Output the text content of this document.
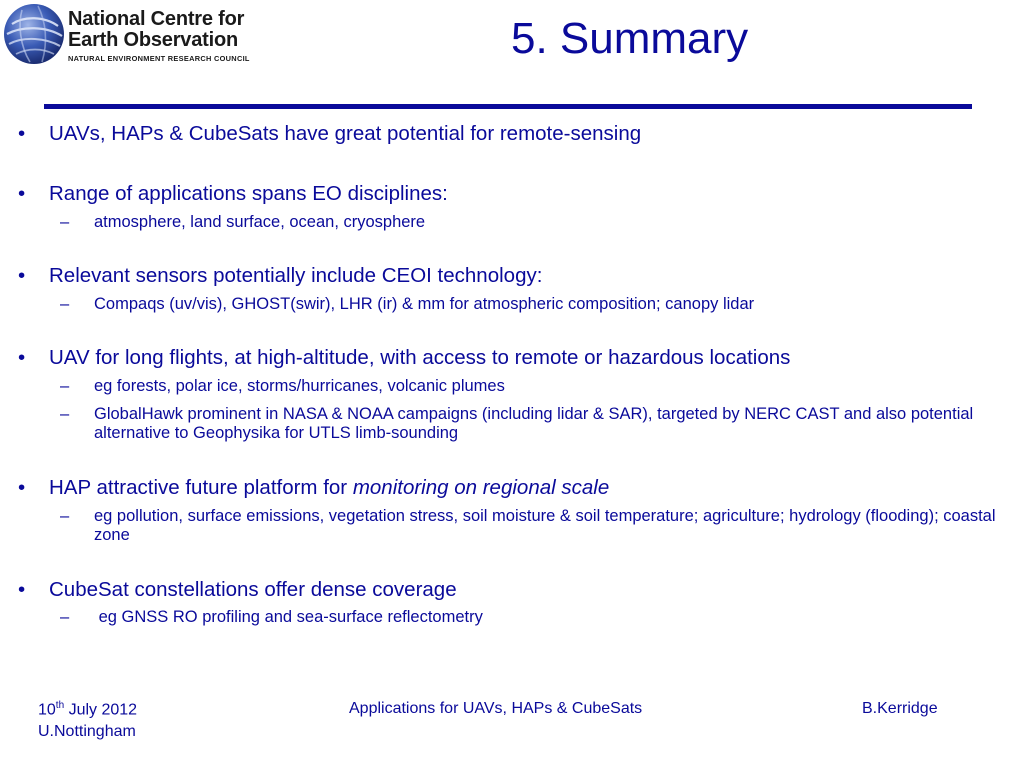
National Centre for
Earth Observation
NATURAL ENVIRONMENT RESEARCH COUNCIL	5. Summary
• UAVs, HAPs & CubeSats have great potential for remote-sensing
• Range of applications spans EO disciplines:
– atmosphere, land surface, ocean, cryosphere
• Relevant sensors potentially include CEOI technology:
– Compaqs (uv/vis), GHOST(swir), LHR (ir) & mm for atmospheric composition; canopy lidar
• UAV for long flights, at high-altitude, with access to remote or hazardous locations
– eg forests, polar ice, storms/hurricanes, volcanic plumes
– GlobalHawk prominent in NASA & NOAA campaigns (including lidar & SAR), targeted by NERC CAST and also potential alternative to Geophysika for UTLS limb-sounding
• HAP attractive future platform for monitoring on regional scale
– eg pollution, surface emissions, vegetation stress, soil moisture & soil temperature; agriculture; hydrology (flooding); coastal zone
• CubeSat constellations offer dense coverage
– eg GNSS RO profiling and sea-surface reflectometry
10th July 2012
U.Nottingham
Applications for UAVs, HAPs & CubeSats	B.Kerridge
